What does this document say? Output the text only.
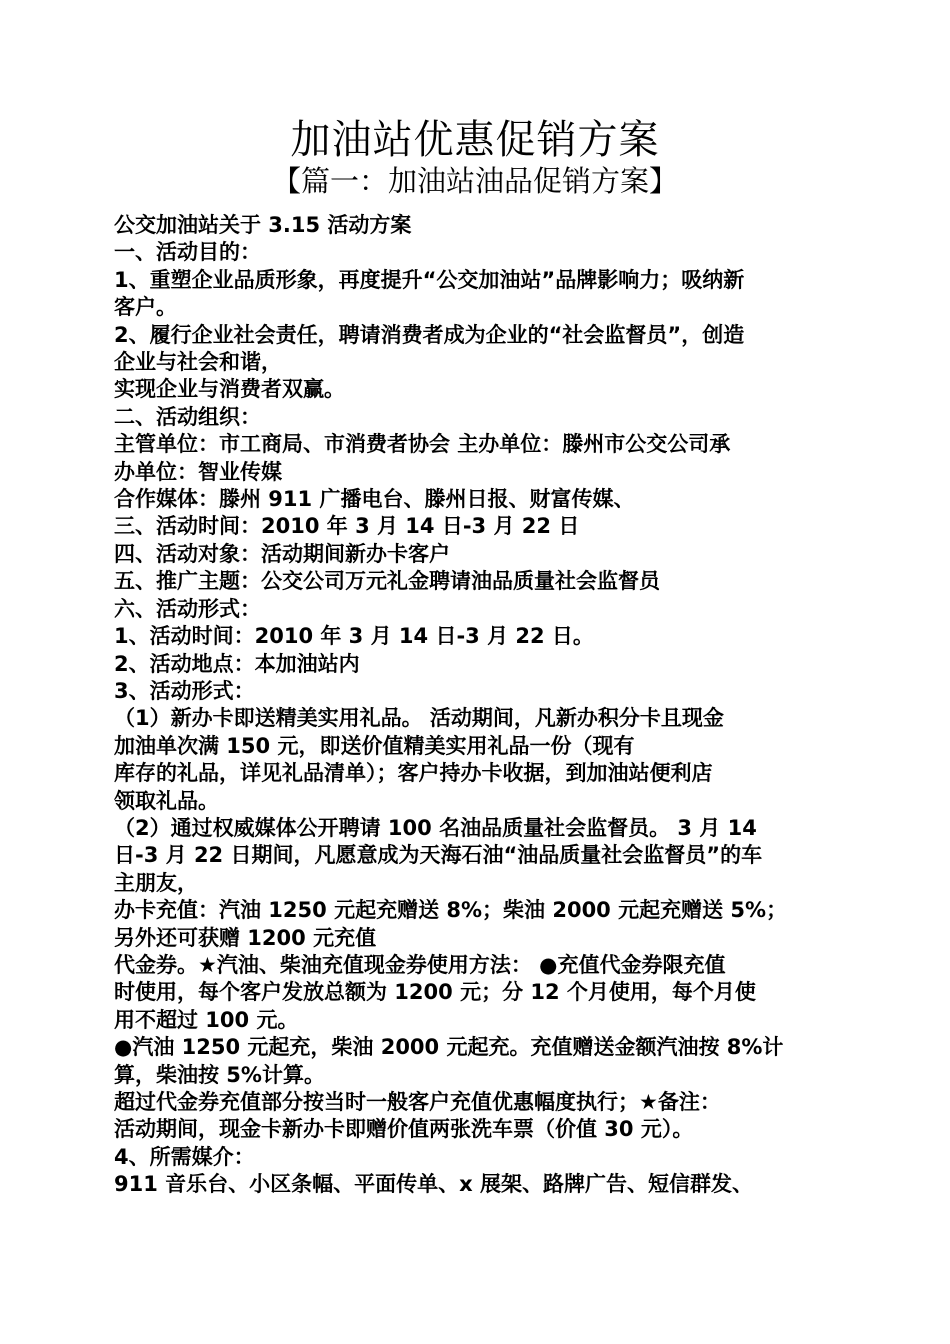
加油站优惠促销方案
【篇一：加油站油品促销方案】

公交加油站关于 3.15 活动方案

一、活动目的：

1、重塑企业品质形象，再度提升“公交加油站”品牌影响力；吸纳新

客户。

2、履行企业社会责任，聘请消费者成为企业的“社会监督员”，创造

企业与社会和谐，

实现企业与消费者双赢。

二、活动组织：

主管单位：市工商局、市消费者协会 主办单位：滕州市公交公司承

办单位：智业传媒

合作媒体：滕州 911 广播电台、滕州日报、财富传媒、

三、活动时间：2010 年 3 月 14 日-3 月 22 日

四、活动对象：活动期间新办卡客户

五、推广主题：公交公司万元礼金聘请油品质量社会监督员

六、活动形式：

1、活动时间：2010 年 3 月 14 日-3 月 22 日。

2、活动地点：本加油站内

3、活动形式：

（1）新办卡即送精美实用礼品。 活动期间，凡新办积分卡且现金

加油单次满 150 元，即送价值精美实用礼品一份（现有

库存的礼品，详见礼品清单）；客户持办卡收据，到加油站便利店

领取礼品。

（2）通过权威媒体公开聘请 100 名油品质量社会监督员。 3 月 14

日-3 月 22 日期间，凡愿意成为天海石油“油品质量社会监督员”的车

主朋友，

办卡充值：汽油 1250 元起充赠送 8%；柴油 2000 元起充赠送 5%；

另外还可获赠 1200 元充值

代金券。★汽油、柴油充值现金券使用方法： ●充值代金券限充值

时使用，每个客户发放总额为 1200 元；分 12 个月使用，每个月使

用不超过 100 元。

●汽油 1250 元起充，柴油 2000 元起充。充值赠送金额汽油按 8%计

算，柴油按 5%计算。

超过代金券充值部分按当时一般客户充值优惠幅度执行；★备注：

活动期间，现金卡新办卡即赠价值两张洗车票（价值 30 元）。

4、所需媒介：

911 音乐台、小区条幅、平面传单、x 展架、路牌广告、短信群发、
